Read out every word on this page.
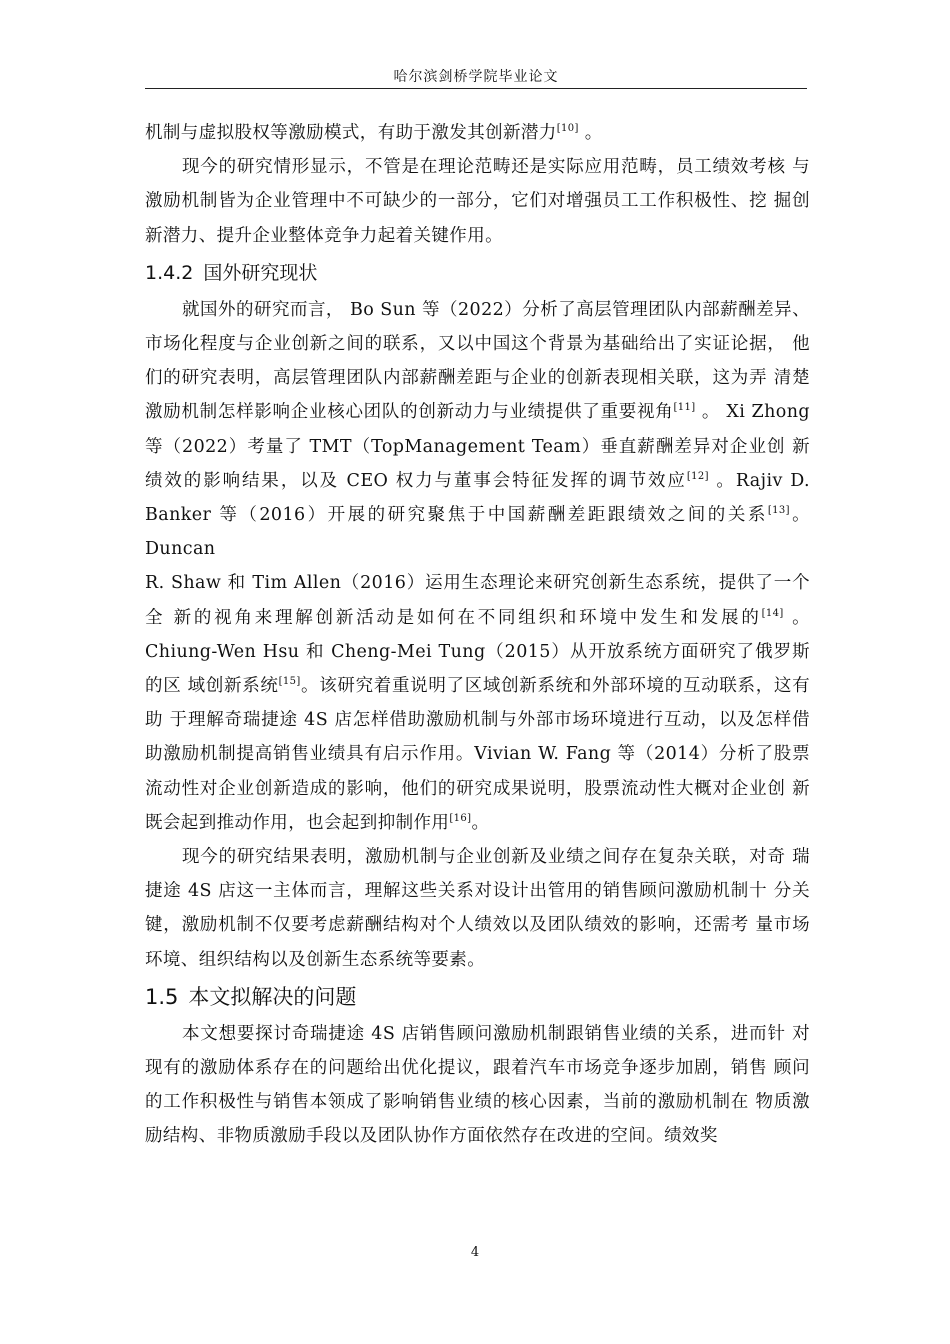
哈尔滨剑桥学院毕业论文

机制与虚拟股权等激励模式，有助于激发其创新潜力[10] 。

现今的研究情形显示，不管是在理论范畴还是实际应用范畴，员工绩效考核 与激励机制皆为企业管理中不可缺少的一部分，它们对增强员工工作积极性、挖 掘创新潜力、提升企业整体竞争力起着关键作用。

1.4.2 国外研究现状

就国外的研究而言， Bo Sun 等（2022）分析了高层管理团队内部薪酬差异、 市场化程度与企业创新之间的联系，又以中国这个背景为基础给出了实证论据， 他们的研究表明，高层管理团队内部薪酬差距与企业的创新表现相关联，这为弄 清楚激励机制怎样影响企业核心团队的创新动力与业绩提供了重要视角[11] 。 Xi Zhong 等（2022）考量了 TMT（TopManagement Team）垂直薪酬差异对企业创 新绩效的影响结果，以及 CEO 权力与董事会特征发挥的调节效应[12] 。Rajiv D. Banker 等（2016）开展的研究聚焦于中国薪酬差距跟绩效之间的关系[13]。Duncan

R. Shaw 和 Tim Allen（2016）运用生态理论来研究创新生态系统，提供了一个全 新的视角来理解创新活动是如何在不同组织和环境中发生和发展的[14] 。 Chiung-Wen Hsu 和 Cheng-Mei Tung（2015）从开放系统方面研究了俄罗斯的区 域创新系统[15]。该研究着重说明了区域创新系统和外部环境的互动联系，这有助 于理解奇瑞捷途 4S 店怎样借助激励机制与外部市场环境进行互动，以及怎样借 助激励机制提高销售业绩具有启示作用。Vivian W. Fang 等（2014）分析了股票 流动性对企业创新造成的影响，他们的研究成果说明，股票流动性大概对企业创 新既会起到推动作用，也会起到抑制作用[16]。

现今的研究结果表明，激励机制与企业创新及业绩之间存在复杂关联，对奇 瑞捷途 4S 店这一主体而言，理解这些关系对设计出管用的销售顾问激励机制十 分关键，激励机制不仅要考虑薪酬结构对个人绩效以及团队绩效的影响，还需考 量市场环境、组织结构以及创新生态系统等要素。

1.5 本文拟解决的问题

本文想要探讨奇瑞捷途 4S 店销售顾问激励机制跟销售业绩的关系，进而针 对现有的激励体系存在的问题给出优化提议，跟着汽车市场竞争逐步加剧，销售 顾问的工作积极性与销售本领成了影响销售业绩的核心因素，当前的激励机制在 物质激励结构、非物质激励手段以及团队协作方面依然存在改进的空间。绩效奖

4
